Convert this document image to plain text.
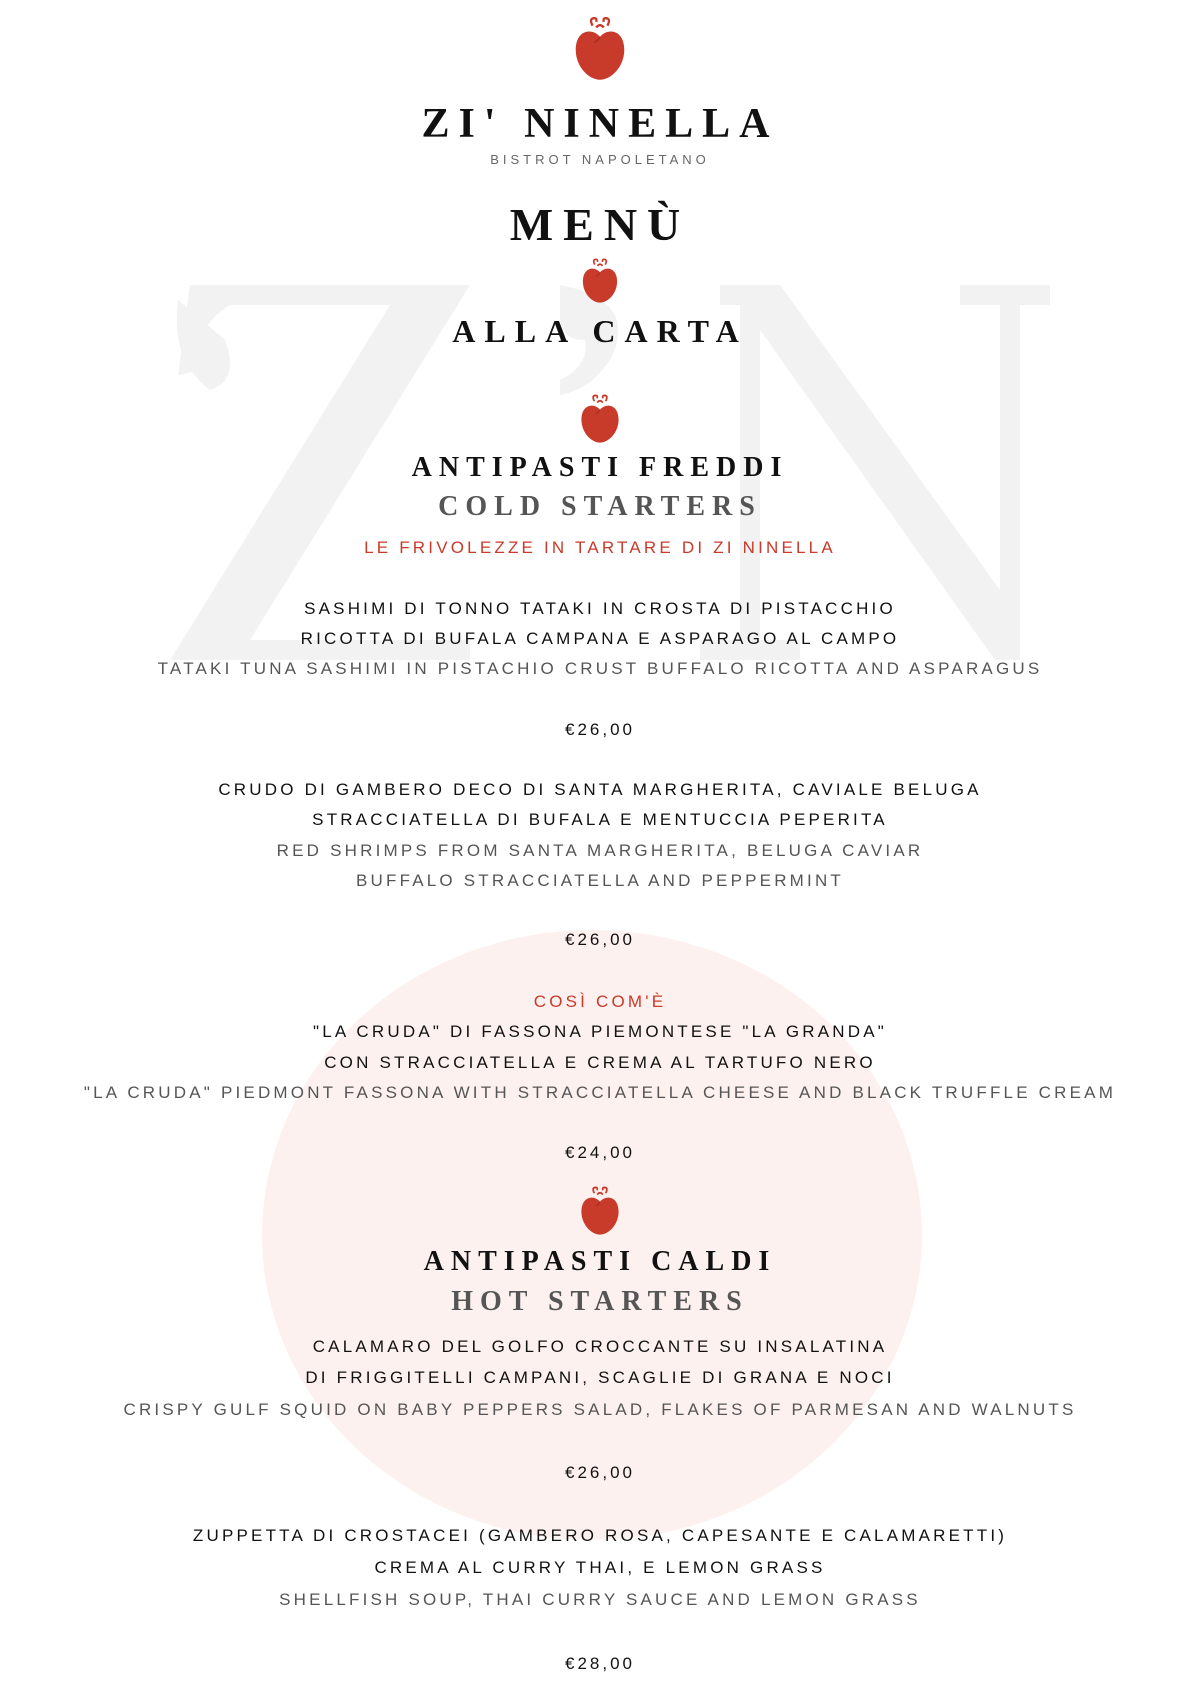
ZI' NINELLA
BISTROT NAPOLETANO
MENÙ
ALLA CARTA
ANTIPASTI FREDDI
COLD STARTERS
LE FRIVOLEZZE IN TARTARE DI ZI NINELLA
SASHIMI DI TONNO TATAKI IN CROSTA DI PISTACCHIO
RICOTTA DI BUFALA CAMPANA E ASPARAGO AL CAMPO
TATAKI TUNA SASHIMI IN PISTACHIO CRUST BUFFALO RICOTTA AND ASPARAGUS
€26,00
CRUDO DI GAMBERO DECO DI SANTA MARGHERITA, CAVIALE BELUGA
STRACCIATELLA DI BUFALA E MENTUCCIA PEPERITA
RED SHRIMPS FROM SANTA MARGHERITA, BELUGA CAVIAR
BUFFALO STRACCIATELLA AND PEPPERMINT
€26,00
COSÌ COM'È
"LA CRUDA" DI FASSONA PIEMONTESE "LA GRANDA"
CON STRACCIATELLA E CREMA AL TARTUFO NERO
"LA CRUDA" PIEDMONT FASSONA WITH STRACCIATELLA CHEESE AND BLACK TRUFFLE CREAM
€24,00
ANTIPASTI CALDI
HOT STARTERS
CALAMARO DEL GOLFO CROCCANTE SU INSALATINA
DI FRIGGITELLI CAMPANI, SCAGLIE DI GRANA E NOCI
CRISPY GULF SQUID ON BABY PEPPERS SALAD, FLAKES OF PARMESAN AND WALNUTS
€26,00
ZUPPETTA DI CROSTACEI (GAMBERO ROSA, CAPESANTE E CALAMARETTI)
CREMA AL CURRY THAI, E LEMON GRASS
SHELLFISH SOUP, THAI CURRY SAUCE AND LEMON GRASS
€28,00
